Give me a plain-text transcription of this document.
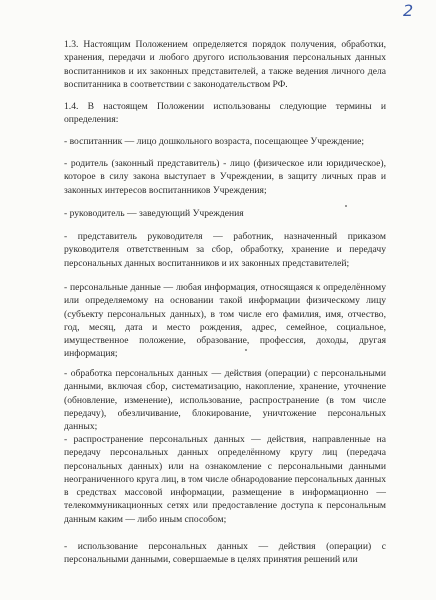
2

1.3. Настоящим Положением определяется порядок получения, обработки, хранения, передачи и любого другого использования персональных данных воспитанников и их законных представителей, а также ведения личного дела воспитанника в соответствии с законодательством РФ.

1.4. В настоящем Положении использованы следующие термины и определения:

- воспитанник — лицо дошкольного возраста, посещающее Учреждение;

- родитель (законный представитель) - лицо (физическое или юридическое), которое в силу закона выступает в Учреждении, в защиту личных прав и законных интересов воспитанников Учреждения;

- руководитель — заведующий Учреждения

- представитель руководителя — работник, назначенный приказом руководителя ответственным за сбор, обработку, хранение и передачу персональных данных воспитанников и их законных представителей;

- персональные данные — любая информация, относящаяся к определённому или определяемому на основании такой информации физическому лицу (субъекту персональных данных), в том числе его фамилия, имя, отчество, год, месяц, дата и место рождения, адрес, семейное, социальное, имущественное положение, образование, профессия, доходы, другая информация;

- обработка персональных данных — действия (операции) с персональными данными, включая сбор, систематизацию, накопление, хранение, уточнение (обновление, изменение), использование, распространение (в том числе передачу), обезличивание, блокирование, уничтожение персональных данных;

- распространение персональных данных — действия, направленные на передачу персональных данных определённому кругу лиц (передача персональных данных) или на ознакомление с персональными данными неограниченного круга лиц, в том числе обнародование персональных данных в средствах массовой информации, размещение в информационно — телекоммуникационных сетях или предоставление доступа к персональным данным каким — либо иным способом;

- использование персональных данных — действия (операции) с персональными данными, совершаемые в целях принятия решений или
